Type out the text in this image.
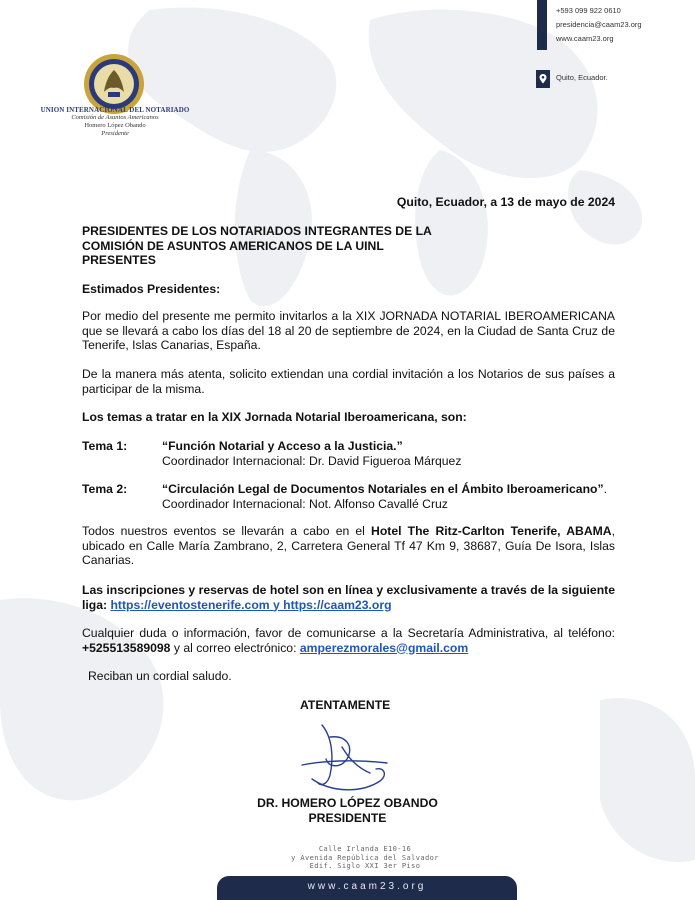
UNION INTERNACIONAL DEL NOTARIADO
Comisión de Asuntos Americanos
Homero López Obando
Presidente
+593 099 922 0610
presidencia@caam23.org
www.caam23.org
Quito, Ecuador.
Quito, Ecuador, a 13 de mayo de 2024
PRESIDENTES DE LOS NOTARIADOS INTEGRANTES DE LA
COMISIÓN DE ASUNTOS AMERICANOS DE LA UINL
PRESENTES
Estimados Presidentes:
Por medio del presente me permito invitarlos a la XIX JORNADA NOTARIAL IBEROAMERICANA que se llevará a cabo los días del 18 al 20 de septiembre de 2024, en la Ciudad de Santa Cruz de Tenerife, Islas Canarias, España.
De la manera más atenta, solicito extiendan una cordial invitación a los Notarios de sus países a participar de la misma.
Los temas a tratar en la XIX Jornada Notarial Iberoamericana, son:
Tema 1:	“Función Notarial y Acceso a la Justicia.”
Coordinador Internacional: Dr. David Figueroa Márquez
Tema 2:	“Circulación Legal de Documentos Notariales en el Ámbito Iberoamericano”.
Coordinador Internacional: Not. Alfonso Cavallé Cruz
Todos nuestros eventos se llevarán a cabo en el Hotel The Ritz-Carlton Tenerife, ABAMA, ubicado en Calle María Zambrano, 2, Carretera General Tf 47 Km 9, 38687, Guía De Isora, Islas Canarias.
Las inscripciones y reservas de hotel son en línea y exclusivamente a través de la siguiente liga: https://eventostenerife.com y https://caam23.org
Cualquier duda o información, favor de comunicarse a la Secretaría Administrativa, al teléfono: +525513589098 y al correo electrónico: amperezmorales@gmail.com
Reciban un cordial saludo.
ATENTAMENTE
DR. HOMERO LÓPEZ OBANDO
PRESIDENTE
Calle Irlanda E10-16
y Avenida República del Salvador
Edif. Siglo XXI 3er Piso
www.caam23.org
